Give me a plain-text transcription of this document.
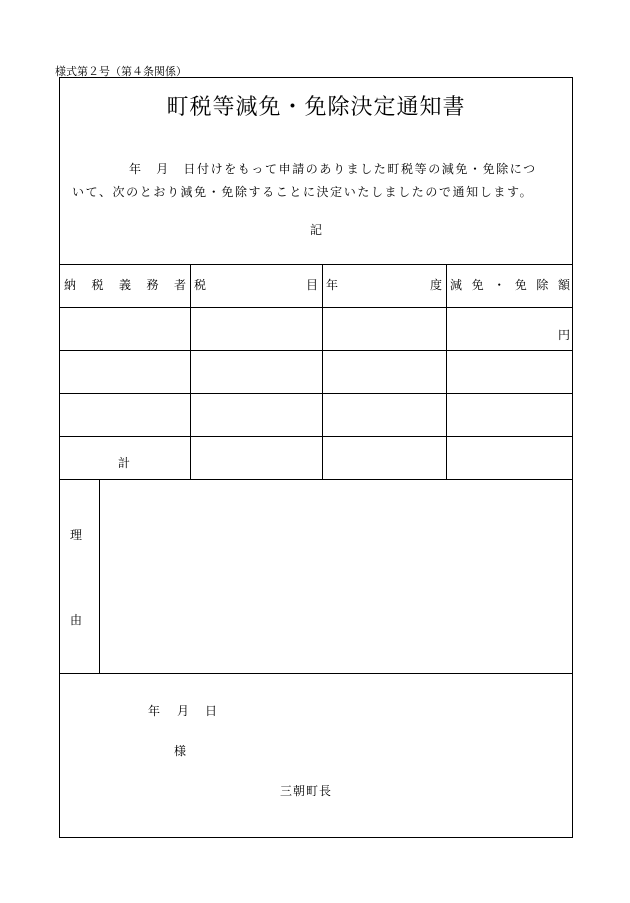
様式第２号（第４条関係）
町税等減免・免除決定通知書
年　月　日付けをもって申請のありました町税等の減免・免除につ
いて、次のとおり減免・免除することに決定いたしましたので通知します。
記
納 税 義 務 者 税	目 年	度 減 免 ・ 免 除 額
円
計
理
由
年 月 日
様
三朝町長
